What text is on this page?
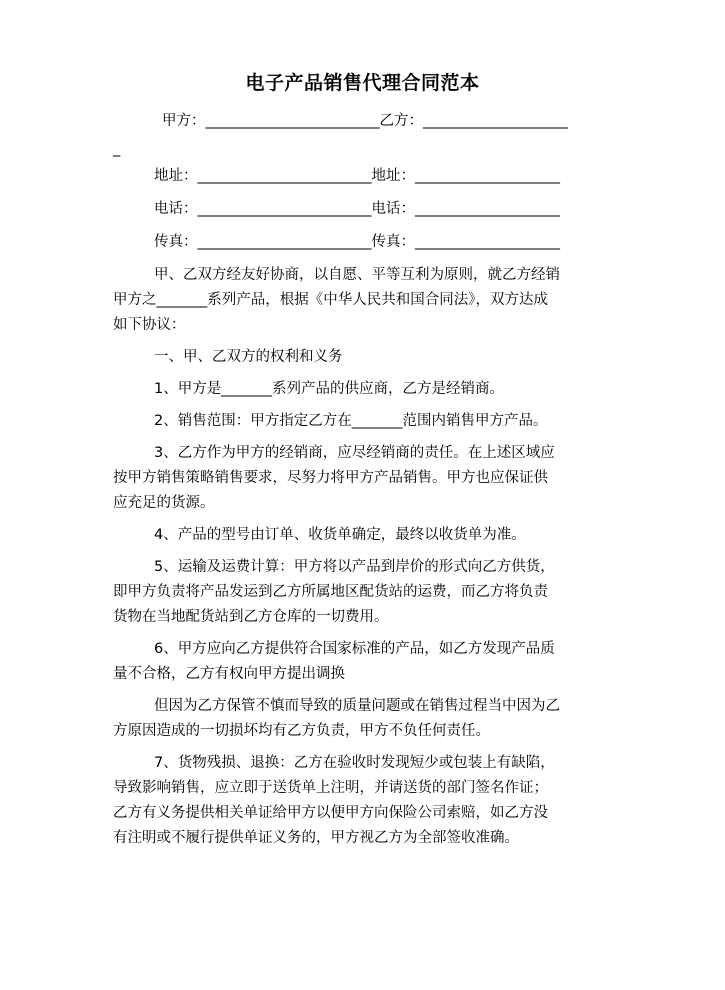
电子产品销售代理合同范本
甲方：________________________乙方：____________________
_
地址：________________________地址：____________________
电话：________________________电话：____________________
传真：________________________传真：____________________
甲、乙双方经友好协商，以自愿、平等互利为原则，就乙方经销
甲方之_______系列产品，根据《中华人民共和国合同法》，双方达成
如下协议：
一、甲、乙双方的权利和义务
1、甲方是_______系列产品的供应商，乙方是经销商。
2、销售范围：甲方指定乙方在_______范围内销售甲方产品。
3、乙方作为甲方的经销商，应尽经销商的责任。在上述区域应
按甲方销售策略销售要求，尽努力将甲方产品销售。甲方也应保证供
应充足的货源。
4、产品的型号由订单、收货单确定，最终以收货单为准。
5、运输及运费计算：甲方将以产品到岸价的形式向乙方供货，
即甲方负责将产品发运到乙方所属地区配货站的运费，而乙方将负责
货物在当地配货站到乙方仓库的一切费用。
6、甲方应向乙方提供符合国家标准的产品，如乙方发现产品质
量不合格，乙方有权向甲方提出调换
但因为乙方保管不慎而导致的质量问题或在销售过程当中因为乙
方原因造成的一切损坏均有乙方负责，甲方不负任何责任。
7、货物残损、退换：乙方在验收时发现短少或包装上有缺陷，
导致影响销售，应立即于送货单上注明，并请送货的部门签名作证；
乙方有义务提供相关单证给甲方以便甲方向保险公司索赔，如乙方没
有注明或不履行提供单证义务的，甲方视乙方为全部签收准确。
